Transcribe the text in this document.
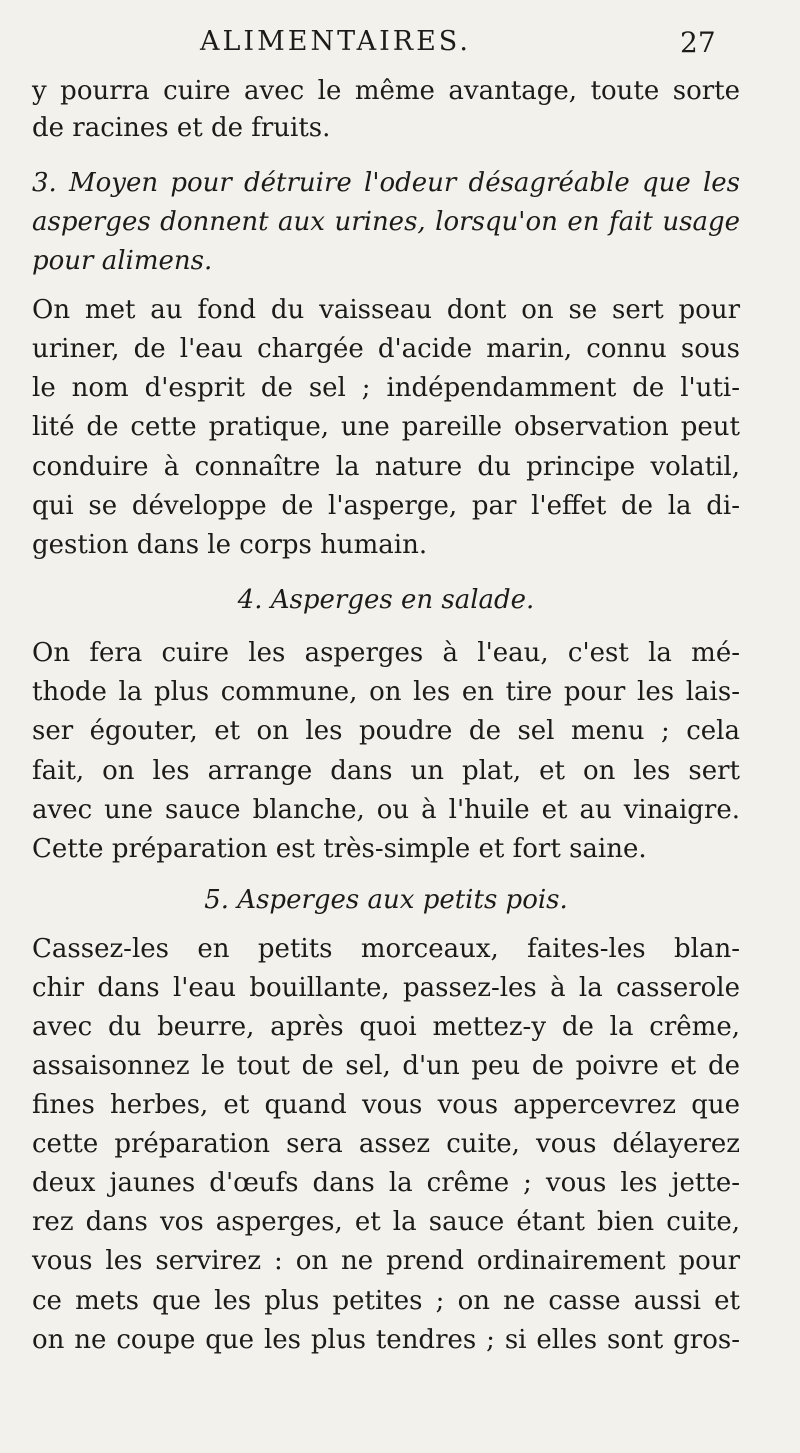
ALIMENTAIRES.	27
y pourra cuire avec le même avantage, toute sorte
de racines et de fruits.
3. Moyen pour détruire l'odeur désagréable que les
asperges donnent aux urines, lorsqu'on en fait usage
pour alimens.
On met au fond du vaisseau dont on se sert pour
uriner, de l'eau chargée d'acide marin, connu sous
le nom d'esprit de sel ; indépendamment de l'uti-
lité de cette pratique, une pareille observation peut
conduire à connaître la nature du principe volatil,
qui se développe de l'asperge, par l'effet de la di-
gestion dans le corps humain.
4. Asperges en salade.
On fera cuire les asperges à l'eau, c'est la mé-
thode la plus commune, on les en tire pour les lais-
ser égouter, et on les poudre de sel menu ; cela
fait, on les arrange dans un plat, et on les sert
avec une sauce blanche, ou à l'huile et au vinaigre.
Cette préparation est très-simple et fort saine.
5. Asperges aux petits pois.
Cassez-les en petits morceaux, faites-les blan-
chir dans l'eau bouillante, passez-les à la casserole
avec du beurre, après quoi mettez-y de la crême,
assaisonnez le tout de sel, d'un peu de poivre et de
fines herbes, et quand vous vous appercevrez que
cette préparation sera assez cuite, vous délayerez
deux jaunes d'œufs dans la crême ; vous les jette-
rez dans vos asperges, et la sauce étant bien cuite,
vous les servirez : on ne prend ordinairement pour
ce mets que les plus petites ; on ne casse aussi et
on ne coupe que les plus tendres ; si elles sont gros-
